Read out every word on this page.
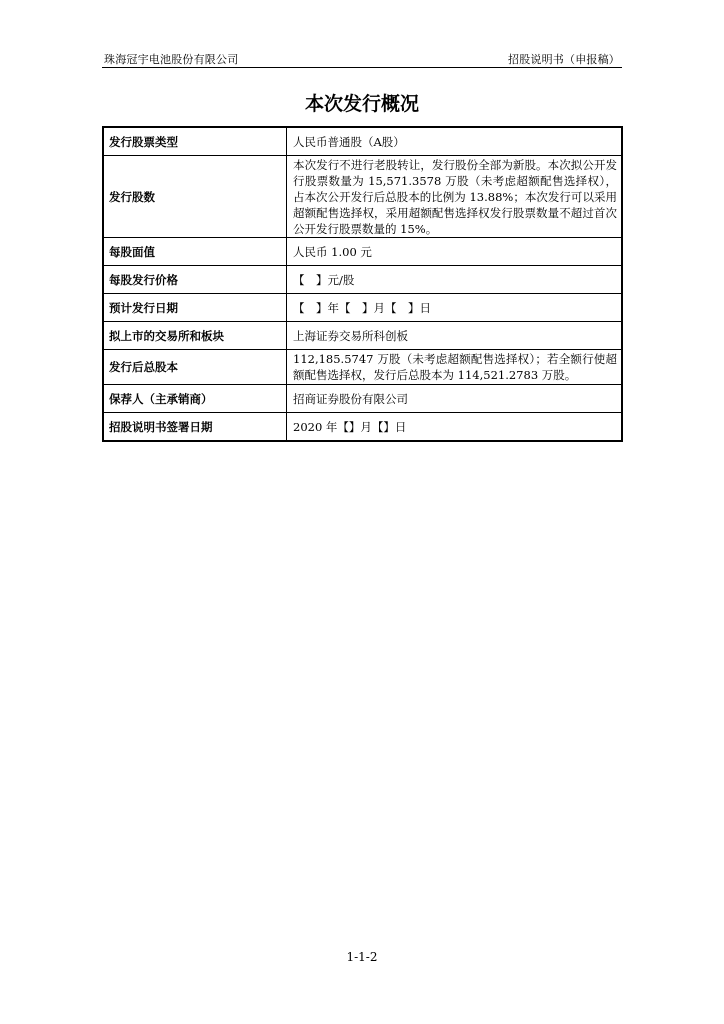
珠海冠宇电池股份有限公司	招股说明书（申报稿）
本次发行概况
发行股票类型	人民币普通股（A股）
发行股数	本次发行不进行老股转让，发行股份全部为新股。本次拟公开发行股票数量为 15,571.3578 万股（未考虑超额配售选择权），占本次公开发行后总股本的比例为 13.88%；本次发行可以采用超额配售选择权，采用超额配售选择权发行股票数量不超过首次公开发行股票数量的 15%。
每股面值	人民币 1.00 元
每股发行价格	【　】元/股
预计发行日期	【　】年【　】月【　】日
拟上市的交易所和板块	上海证券交易所科创板
发行后总股本	112,185.5747 万股（未考虑超额配售选择权）；若全额行使超额配售选择权，发行后总股本为 114,521.2783 万股。
保荐人（主承销商）	招商证券股份有限公司
招股说明书签署日期	2020 年【】月【】日
1-1-2
